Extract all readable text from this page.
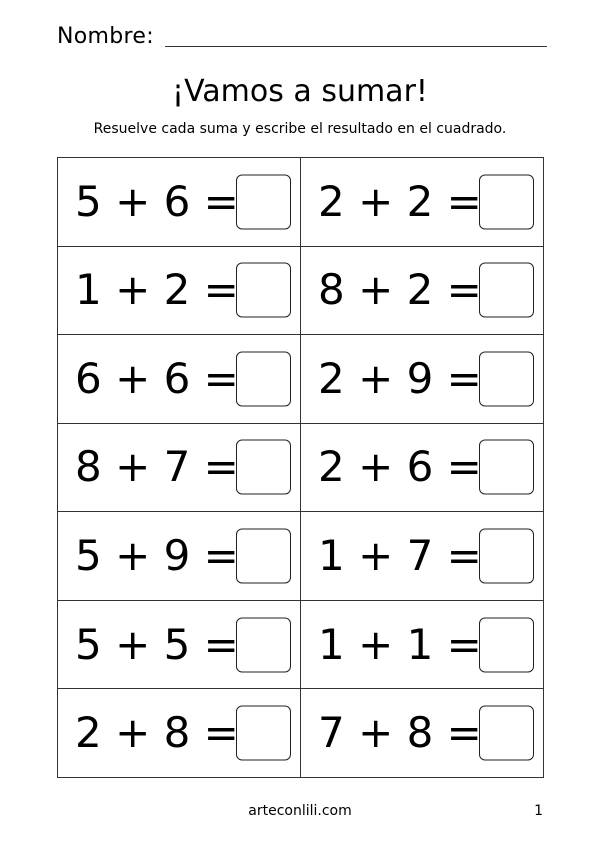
Nombre:
¡Vamos a sumar!
Resuelve cada suma y escribe el resultado en el cuadrado.
5 + 6 = 2 + 2 =
1 + 2 = 8 + 2 =
6 + 6 = 2 + 9 =
8 + 7 = 2 + 6 =
5 + 9 = 1 + 7 =
5 + 5 = 1 + 1 =
2 + 8 = 7 + 8 =
arteconlili.com	1
